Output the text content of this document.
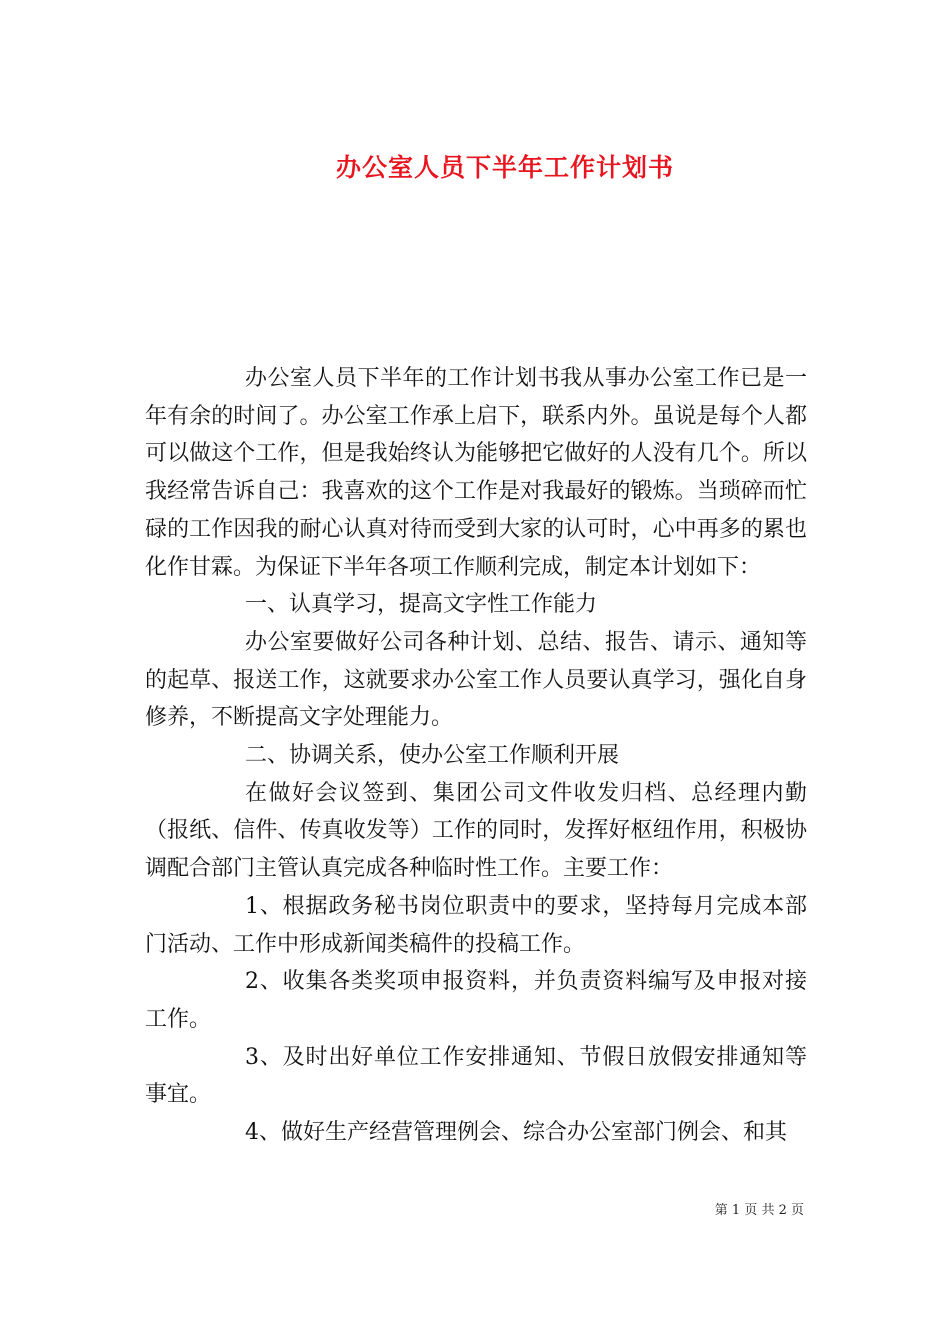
办公室人员下半年工作计划书

办公室人员下半年的工作计划书我从事办公室工作已是一年有余的时间了。办公室工作承上启下，联系内外。虽说是每个人都可以做这个工作，但是我始终认为能够把它做好的人没有几个。所以我经常告诉自己：我喜欢的这个工作是对我最好的锻炼。当琐碎而忙碌的工作因我的耐心认真对待而受到大家的认可时，心中再多的累也化作甘霖。为保证下半年各项工作顺利完成，制定本计划如下：

一、认真学习，提高文字性工作能力

办公室要做好公司各种计划、总结、报告、请示、通知等的起草、报送工作，这就要求办公室工作人员要认真学习，强化自身修养，不断提高文字处理能力。

二、协调关系，使办公室工作顺利开展

在做好会议签到、集团公司文件收发归档、总经理内勤（报纸、信件、传真收发等）工作的同时，发挥好枢纽作用，积极协调配合部门主管认真完成各种临时性工作。主要工作：

1、根据政务秘书岗位职责中的要求，坚持每月完成本部门活动、工作中形成新闻类稿件的投稿工作。

2、收集各类奖项申报资料，并负责资料编写及申报对接工作。

3、及时出好单位工作安排通知、节假日放假安排通知等事宜。

4、做好生产经营管理例会、综合办公室部门例会、和其

第 1 页 共 2 页
